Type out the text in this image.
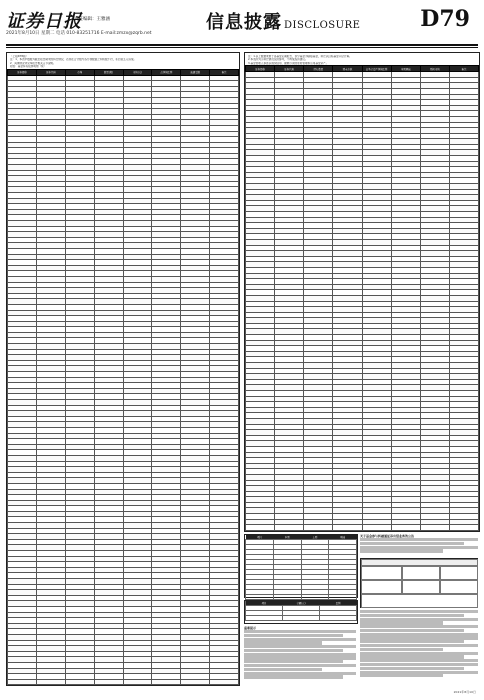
证券日报
责任编辑：王雅涵
2021年8月10日 星期二 电话 010-83251716 E-mail:zmzx@zqrb.net
信息披露 DISCLOSURE	D79
（上接D78版）
注：1、本表中数据为截至报告期末的持仓情况，若存在合计数与各分项数值之和尾数不符，系四舍五入造成。
2、具体情况详见本报告相关章节说明。
附表：基金持有股票明细（续）
证券简称	证券代码	市场	数量(股)	市值(元)	占净值比例	流通受限	备注

注：1.以上数据来源于各基金定期报告，部分基金为联接基金，持仓以目标基金口径计算。
2.本表所列示持仓情况仅供参考，不构成投资建议。
3.基金管理人承诺以诚实信用、勤勉尽责的原则管理和运用基金资产。
证券简称	证券代码	持有数量	期末市值	占基金资产净值比例	本期增减	期初市值	备注

项目	本期	上期	增减

项目	金额(元)	比例

重要提示
关于基金参与转融通证券出借业务的公告
2021年8月10日
